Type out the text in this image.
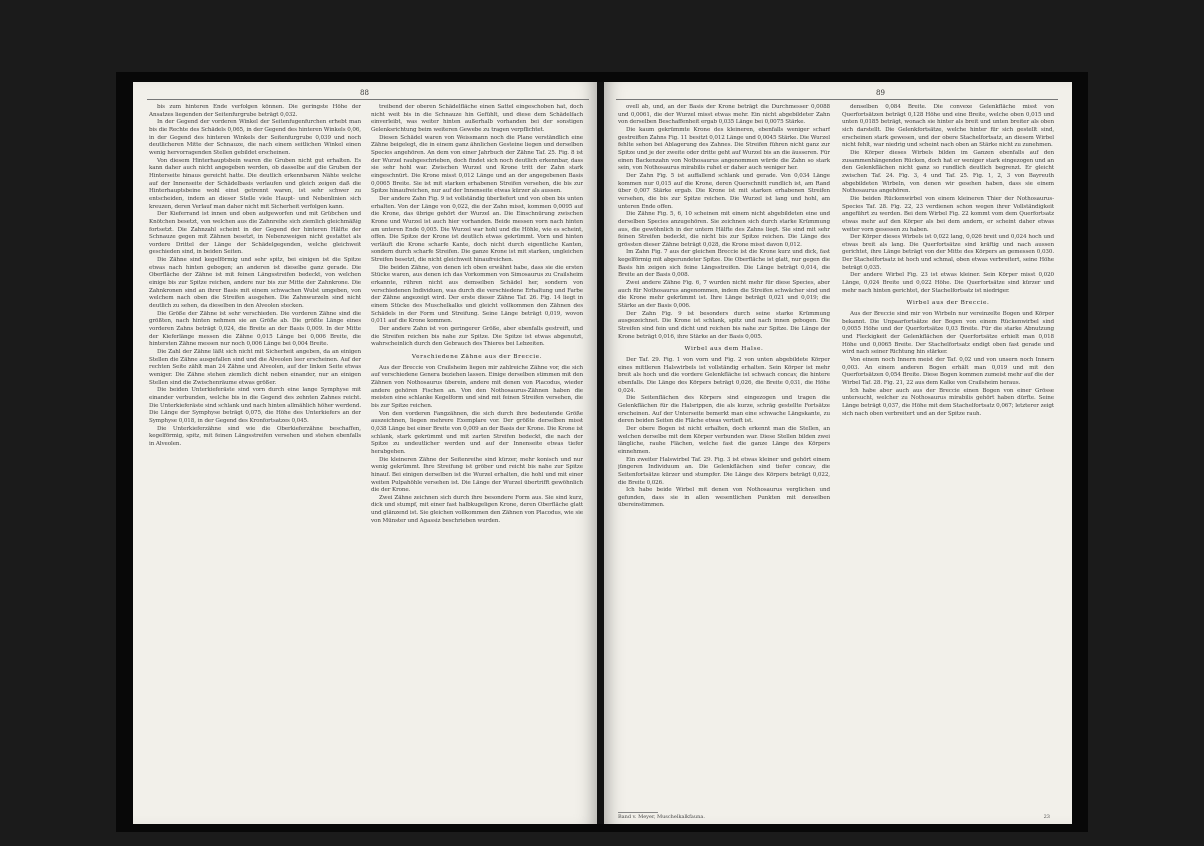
88

bis zum hinteren Ende verfolgen können. Die geringste Höhe der Ansatzes liegenden der Seitenfurgrube beträgt 0,032.

In der Gegend der vorderen Winkel der Seitenfugenfurchen erhebt man bis die Rechte des Schädels 0,065, in der Gegend des hinteren Winkels 0,06, in der Gegend des hinteren Winkels der Seitenfurgrube 0,039 und noch deutlicheren Mitte der Schnauze, die nach einem seitlichen Winkel einen wenig hervorragenden Stellen gebildet erscheinen.

Von diesem Hinterhauptsbein waren die Gruben nicht gut erhalten. Es kann daher auch nicht angegeben werden, ob dasselbe auf die Gruben der Hinterseite hinaus gereicht hatte. Die deutlich erkennbaren Nähte welche auf der Innenseite der Schädelbasis verlaufen und gleich zeigen daß die Hinterhauptsbeine wohl einst getrennt waren, ist sehr schwer zu entscheiden, indem an dieser Stelle viele Haupt- und Nebenlinien sich kreuzen, deren Verlauf man daher nicht mit Sicherheit verfolgen kann.

Der Kieferrand ist innen und oben aufgeworfen und mit Grübchen und Knötchen besetzt, von welchen aus die Zahnreihe sich ziemlich gleichmäßig fortsetzt. Die Zahnzahl scheint in der Gegend der hinteren Hälfte der Schnauze gegen mit Zähnen besetzt, in Nebenzweigen nicht gestattet als vordere Drittel der Länge der Schädelgegenden, welche gleichweit geschieden sind, in beiden Seiten.

Die Zähne sind kegelförmig und sehr spitz, bei einigen ist die Spitze etwas nach hinten gebogen; an anderen ist dieselbe ganz gerade. Die Oberfläche der Zähne ist mit feinen Längsstreifen bedeckt, von welchen einige bis zur Spitze reichen, andere nur bis zur Mitte der Zahnkrone. Die Zahnkronen sind an ihrer Basis mit einem schwachen Wulst umgeben, von welchem nach oben die Streifen ausgehen. Die Zahnwurzeln sind nicht deutlich zu sehen, da dieselben in den Alveolen stecken.

Die Größe der Zähne ist sehr verschieden. Die vorderen Zähne sind die größten, nach hinten nehmen sie an Größe ab. Die größte Länge eines vorderen Zahns beträgt 0,024, die Breite an der Basis 0,009. In der Mitte der Kieferlänge messen die Zähne 0,015 Länge bei 0,006 Breite, die hintersten Zähne messen nur noch 0,006 Länge bei 0,004 Breite.

Die Zahl der Zähne läßt sich nicht mit Sicherheit angeben, da an einigen Stellen die Zähne ausgefallen sind und die Alveolen leer erscheinen. Auf der rechten Seite zählt man 24 Zähne und Alveolen, auf der linken Seite etwas weniger. Die Zähne stehen ziemlich dicht neben einander, nur an einigen Stellen sind die Zwischenräume etwas größer.

Die beiden Unterkieferäste sind vorn durch eine lange Symphyse mit einander verbunden, welche bis in die Gegend des zehnten Zahnes reicht. Die Unterkieferäste sind schlank und nach hinten allmählich höher werdend. Die Länge der Symphyse beträgt 0,075, die Höhe des Unterkiefers an der Symphyse 0,018, in der Gegend des Kronfortsatzes 0,045.

Die Unterkieferzähne sind wie die Oberkieferzähne beschaffen, kegelförmig, spitz, mit feinen Längsstreifen versehen und stehen ebenfalls in Alveolen.

treibend der oberen Schädelfläche einen Sattel eingeschoben hat, doch nicht weit bis in die Schnauze hin Gefühlt, und diese dem Schädelfach einverleibt, was weiter hinten außerhalb vorhanden bei der sonstigen Gelenksrichtung beim weiteren Gewebe zu tragen verpflichtet.

Diesen Schädel waren von Weissmann noch die Plane verständlich eine Zähne beigelegt, die in einem ganz ähnlichen Gesteine liegen und derselben Species angehören. An dem von einer Jahrbuch der Zähne Taf. 25. Fig. 8 ist der Wurzel rauhgeschrieben, doch findet sich noch deutlich erkennbar, dass sie sehr hohl war. Zwischen Wurzel und Krone tritt der Zahn stark eingeschnürt. Die Krone misst 0,012 Länge und an der angegebenen Basis 0,0065 Breite. Sie ist mit starken erhabenen Streifen versehen, die bis zur Spitze hinaufreichen, nur auf der Innenseite etwas kürzer als aussen.

Der andere Zahn Fig. 9 ist vollständig überliefert und von oben bis unten erhalten. Von der Länge von 0,022, die der Zahn misst, kommen 0,0095 auf die Krone, das übrige gehört der Wurzel an. Die Einschnürung zwischen Krone und Wurzel ist auch hier vorhanden. Beide messen vorn nach hinten am unteren Ende 0,005. Die Wurzel war hohl und die Höhle, wie es scheint, offen. Die Spitze der Krone ist deutlich etwas gekrümmt. Vorn und hinten verläuft die Krone scharfe Kante, doch nicht durch eigentliche Kanten, sondern durch scharfe Streifen. Die ganze Krone ist mit starken, ungleichen Streifen besetzt, die nicht gleichweit hinaufreichen.

Die beiden Zähne, von denen ich oben erwähnt habe, dass sie die ersten Stücke waren, aus denen ich das Vorkommen von Simosaurus zu Crailsheim erkannte, rühren nicht aus demselben Schädel her, sondern von verschiedenen Individuen, was durch die verschiedene Erhaltung und Farbe der Zähne angezeigt wird. Der erste dieser Zähne Taf. 26. Fig. 14 liegt in einem Stücke des Muschelkalks und gleicht vollkommen den Zähnen des Schädels in der Form und Streifung. Seine Länge beträgt 0,019, wovon 0,011 auf die Krone kommen.

Der andere Zahn ist von geringerer Größe, aber ebenfalls gestreift, und die Streifen reichen bis nahe zur Spitze. Die Spitze ist etwas abgenutzt, wahrscheinlich durch den Gebrauch des Thieres bei Lebzeiten.

Verschiedene Zähne aus der Breccie.

Aus der Breccie von Crailsheim liegen mir zahlreiche Zähne vor, die sich auf verschiedene Genera beziehen lassen. Einige derselben stimmen mit den Zähnen von Nothosaurus überein, andere mit denen von Placodus, wieder andere gehören Fischen an. Von den Nothosaurus-Zähnen haben die meisten eine schlanke Kegelform und sind mit feinen Streifen versehen, die bis zur Spitze reichen.

Von den vorderen Fangzähnen, die sich durch ihre bedeutende Größe auszeichnen, liegen mehrere Exemplare vor. Der größte derselben misst 0,038 Länge bei einer Breite von 0,009 an der Basis der Krone. Die Krone ist schlank, stark gekrümmt und mit zarten Streifen bedeckt, die nach der Spitze zu undeutlicher werden und auf der Innenseite etwas tiefer herabgehen.

Die kleineren Zähne der Seitenreihe sind kürzer, mehr konisch und nur wenig gekrümmt. Ihre Streifung ist gröber und reicht bis nahe zur Spitze hinauf. Bei einigen derselben ist die Wurzel erhalten, die hohl und mit einer weiten Pulpahöhle versehen ist. Die Länge der Wurzel übertrifft gewöhnlich die der Krone.

Zwei Zähne zeichnen sich durch ihre besondere Form aus. Sie sind kurz, dick und stumpf, mit einer fast halbkugeligen Krone, deren Oberfläche glatt und glänzend ist. Sie gleichen vollkommen den Zähnen von Placodus, wie sie von Münster und Agassiz beschrieben wurden.

89

ovell ab, und, an der Basis der Krone beträgt die Durchmesser 0,0088 und 0,0061, die der Wurzel misst etwas mehr. Ein nicht abgebildeter Zahn von derselben Beschaffenheit ergab 0,035 Länge bei 0,0075 Stärke.

Die kaum gekrümmte Krone des kleineren, ebenfalls weniger scharf gestreiften Zahns Fig. 11 besitzt 0,012 Länge und 0,0045 Stärke. Die Wurzel fehlte sehon bei Ablagerung des Zahnes. Die Streifen führen nicht ganz zur Spitze und je der zweite oder dritte geht auf Wurzel bis an die äusseren. Für einen Backenzahn von Nothosaurus angenommen würde die Zahn so stark sein, von Nothosaurus mirabilis ruhet er daher auch weniger her.

Der Zahn Fig. 5 ist auffallend schlank und gerade. Von 0,034 Länge kommen nur 0,015 auf die Krone, deren Querschnitt rundlich ist, am Rand über 0,007 Stärke ergab. Die Krone ist mit starken erhabenen Streifen versehen, die bis zur Spitze reichen. Die Wurzel ist lang und hohl, am unteren Ende offen.

Die Zähne Fig. 5, 6, 10 scheinen mit einem nicht abgebildeten eine und derselben Species anzugehören. Sie zeichnen sich durch starke Krümmung aus, die gewöhnlich in der untern Hälfte des Zahns liegt. Sie sind mit sehr feinen Streifen bedeckt, die nicht bis zur Spitze reichen. Die Länge des grössten dieser Zähne beträgt 0,028, die Krone misst davon 0,012.

Im Zahn Fig. 7 aus der gleichen Breccie ist die Krone kurz und dick, fast kegelförmig mit abgerundeter Spitze. Die Oberfläche ist glatt, nur gegen die Basis hin zeigen sich feine Längsstreifen. Die Länge beträgt 0,014, die Breite an der Basis 0,008.

Zwei andere Zähne Fig. 6, 7 wurden nicht mehr für diese Species, aber auch für Nothosaurus angenommen, indem die Streifen schwächer sind und die Krone mehr gekrümmt ist. Ihre Länge beträgt 0,021 und 0,019; die Stärke an der Basis 0,006.

Der Zahn Fig. 9 ist besonders durch seine starke Krümmung ausgezeichnet. Die Krone ist schlank, spitz und nach innen gebogen. Die Streifen sind fein und dicht und reichen bis nahe zur Spitze. Die Länge der Krone beträgt 0,016, ihre Stärke an der Basis 0,005.

Wirbel aus dem Halse.

Der Taf. 29. Fig. 1 von vorn und Fig. 2 von unten abgebildete Körper eines mittleren Halswirbels ist vollständig erhalten. Sein Körper ist mehr breit als hoch und die vordere Gelenkfläche ist schwach concav, die hintere ebenfalls. Die Länge des Körpers beträgt 0,026, die Breite 0,031, die Höhe 0,024.

Die Seitenflächen des Körpers sind eingezogen und tragen die Gelenkflächen für die Halsrippen, die als kurze, schräg gestellte Fortsätze erscheinen. Auf der Unterseite bemerkt man eine schwache Längskante, zu deren beiden Seiten die Fläche etwas vertieft ist.

Der obere Bogen ist nicht erhalten, doch erkennt man die Stellen, an welchen derselbe mit dem Körper verbunden war. Diese Stellen bilden zwei längliche, rauhe Flächen, welche fast die ganze Länge des Körpers einnehmen.

Ein zweiter Halswirbel Taf. 29. Fig. 3 ist etwas kleiner und gehört einem jüngeren Individuum an. Die Gelenkflächen sind tiefer concav, die Seitenfortsätze kürzer und stumpfer. Die Länge des Körpers beträgt 0,022, die Breite 0,026.

Ich habe beide Wirbel mit denen von Nothosaurus verglichen und gefunden, dass sie in allen wesentlichen Punkten mit denselben übereinstimmen.

denselben 0,084 Breite. Die convexe Gelenkfläche misst von Querfortsätzen beträgt 0,128 Höhe und eine Breite, welche oben 0,015 und unten 0,0185 beträgt, wonach sie hinter als breit und unten breiter als oben sich darstellt. Die Gelenkfortsätze, welche hinter für sich gestellt sind, erscheinen stark gewesen, und der obere Stachelfortsatz, an diesem Wirbel nicht fehlt, war niedrig und scheint nach oben an Stärke nicht zu zunehmen.

Die Körper dieses Wirbels bilden im Ganzen ebenfalls auf den zusammenhängenden Rücken, doch hat er weniger stark eingezogen und an den Gelenkflächen nicht ganz so rundlich deutlich begrenzt. Er gleicht zwischen Taf. 24. Fig. 3, 4 und Taf. 25. Fig. 1, 2, 3 von Bayreuth abgebildeten Wirbeln, von denen wir gesehen haben, dass sie einem Nothosaurus angehören.

Die beiden Rückenwirbel von einem kleineren Thier der Nothosaurus-Species Taf. 28. Fig. 22, 23 verdienen schon wegen ihrer Vollständigkeit angeführt zu werden. Bei dem Wirbel Fig. 22 kommt vom dem Querfortsatz etwas mehr auf den Körper als bei dem andern, er scheint daher etwas weiter vorn gesessen zu haben.

Der Körper dieses Wirbels ist 0,022 lang, 0,026 breit und 0,024 hoch und etwas breit als lang. Die Querfortsätze sind kräftig und nach aussen gerichtet, ihre Länge beträgt von der Mitte des Körpers an gemessen 0,030. Der Stachelfortsatz ist hoch und schmal, oben etwas verbreitert, seine Höhe beträgt 0,035.

Der andere Wirbel Fig. 23 ist etwas kleiner. Sein Körper misst 0,020 Länge, 0,024 Breite und 0,022 Höhe. Die Querfortsätze sind kürzer und mehr nach hinten gerichtet, der Stachelfortsatz ist niedriger.

Wirbel aus der Breccie.

Aus der Breccie sind mir von Wirbeln nur vereinzelte Bogen und Körper bekannt. Die Unpaarfortsätze der Bogen von einem Rückenwirbel sind 0,0055 Höhe und der Querfortsätze 0,03 Breite. Für die starke Abnutzung und Fleckigkeit der Gelenkflächen der Querfortsätze erhielt man 0,018 Höhe und 0,0065 Breite. Der Stachelfortsatz endigt oben fast gerade und wird nach seiner Richtung hin stärker.

Von einem noch Innern meist der Taf. 0,02 und von unsern noch Innern 0,003. An einem anderen Bogen erhält man 0,019 und mit den Querfortsätzen 0,054 Breite. Diese Bogen kommen zumeist mehr auf die der Wirbel Taf. 28. Fig. 21, 22 aus dem Kalke von Crailsheim heraus.

Ich habe aber auch aus der Breccie einen Bogen von einer Grösse untersucht, welcher zu Nothosaurus mirabilis gehört haben dürfte. Seine Länge beträgt 0,037, die Höhe mit dem Stachelfortsatz 0,067; letzterer zeigt sich nach oben verbreitert und an der Spitze rauh.

Band v. Meyer, Muschelkalkfauna.	23
